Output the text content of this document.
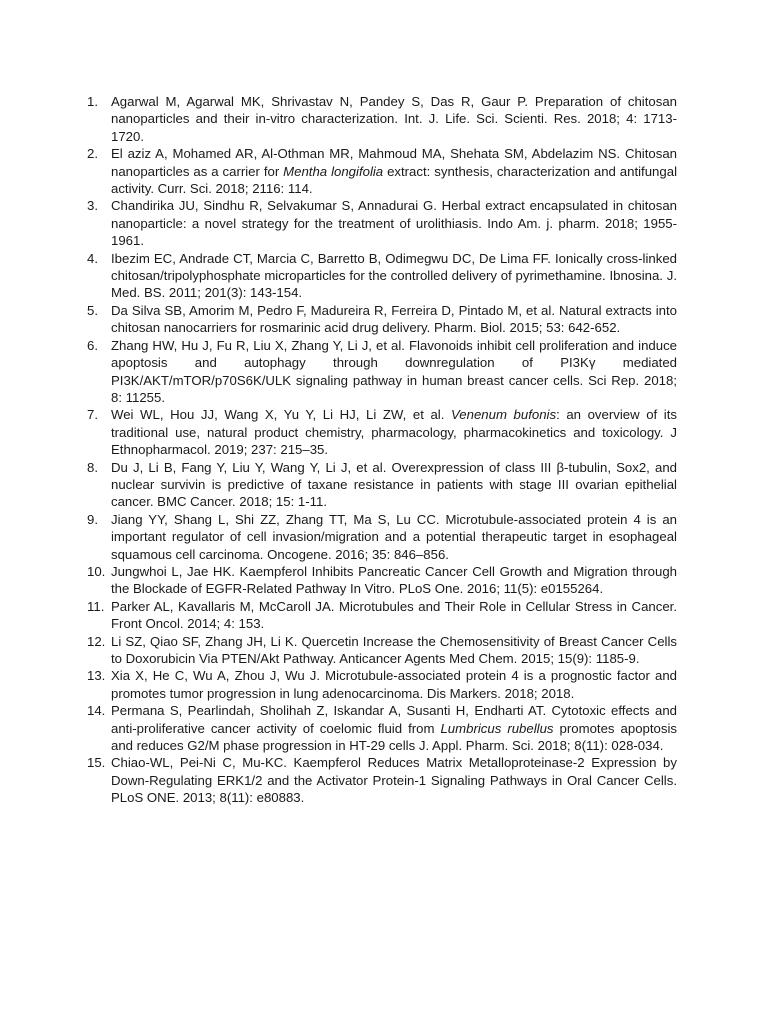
1. Agarwal M, Agarwal MK, Shrivastav N, Pandey S, Das R, Gaur P. Preparation of chitosan nanoparticles and their in-vitro characterization. Int. J. Life. Sci. Scienti. Res. 2018; 4: 1713-1720.
2. El aziz A, Mohamed AR, Al-Othman MR, Mahmoud MA, Shehata SM, Abdelazim NS. Chitosan nanoparticles as a carrier for Mentha longifolia extract: synthesis, characterization and antifungal activity. Curr. Sci. 2018; 2116: 114.
3. Chandirika JU, Sindhu R, Selvakumar S, Annadurai G. Herbal extract encapsulated in chitosan nanoparticle: a novel strategy for the treatment of urolithiasis. Indo Am. j. pharm. 2018; 1955-1961.
4. Ibezim EC, Andrade CT, Marcia C, Barretto B, Odimegwu DC, De Lima FF. Ionically cross-linked chitosan/tripolyphosphate microparticles for the controlled delivery of pyrimethamine. Ibnosina. J. Med. BS. 2011; 201(3): 143-154.
5. Da Silva SB, Amorim M, Pedro F, Madureira R, Ferreira D, Pintado M, et al. Natural extracts into chitosan nanocarriers for rosmarinic acid drug delivery. Pharm. Biol. 2015; 53: 642-652.
6. Zhang HW, Hu J, Fu R, Liu X, Zhang Y, Li J, et al. Flavonoids inhibit cell proliferation and induce apoptosis and autophagy through downregulation of PI3Kγ mediated PI3K/AKT/mTOR/p70S6K/ULK signaling pathway in human breast cancer cells. Sci Rep. 2018; 8: 11255.
7. Wei WL, Hou JJ, Wang X, Yu Y, Li HJ, Li ZW, et al. Venenum bufonis: an overview of its traditional use, natural product chemistry, pharmacology, pharmacokinetics and toxicology. J Ethnopharmacol. 2019; 237: 215–35.
8. Du J, Li B, Fang Y, Liu Y, Wang Y, Li J, et al. Overexpression of class III β-tubulin, Sox2, and nuclear survivin is predictive of taxane resistance in patients with stage III ovarian epithelial cancer. BMC Cancer. 2018; 15: 1-11.
9. Jiang YY, Shang L, Shi ZZ, Zhang TT, Ma S, Lu CC. Microtubule-associated protein 4 is an important regulator of cell invasion/migration and a potential therapeutic target in esophageal squamous cell carcinoma. Oncogene. 2016; 35: 846–856.
10. Jungwhoi L, Jae HK. Kaempferol Inhibits Pancreatic Cancer Cell Growth and Migration through the Blockade of EGFR-Related Pathway In Vitro. PLoS One. 2016; 11(5): e0155264.
11. Parker AL, Kavallaris M, McCaroll JA. Microtubules and Their Role in Cellular Stress in Cancer. Front Oncol. 2014; 4: 153.
12. Li SZ, Qiao SF, Zhang JH, Li K. Quercetin Increase the Chemosensitivity of Breast Cancer Cells to Doxorubicin Via PTEN/Akt Pathway. Anticancer Agents Med Chem. 2015; 15(9): 1185-9.
13. Xia X, He C, Wu A, Zhou J, Wu J. Microtubule-associated protein 4 is a prognostic factor and promotes tumor progression in lung adenocarcinoma. Dis Markers. 2018; 2018.
14. Permana S, Pearlindah, Sholihah Z, Iskandar A, Susanti H, Endharti AT. Cytotoxic effects and anti-proliferative cancer activity of coelomic fluid from Lumbricus rubellus promotes apoptosis and reduces G2/M phase progression in HT-29 cells J. Appl. Pharm. Sci. 2018; 8(11): 028-034.
15. Chiao-WL, Pei-Ni C, Mu-KC. Kaempferol Reduces Matrix Metalloproteinase-2 Expression by Down-Regulating ERK1/2 and the Activator Protein-1 Signaling Pathways in Oral Cancer Cells. PLoS ONE. 2013; 8(11): e80883.
